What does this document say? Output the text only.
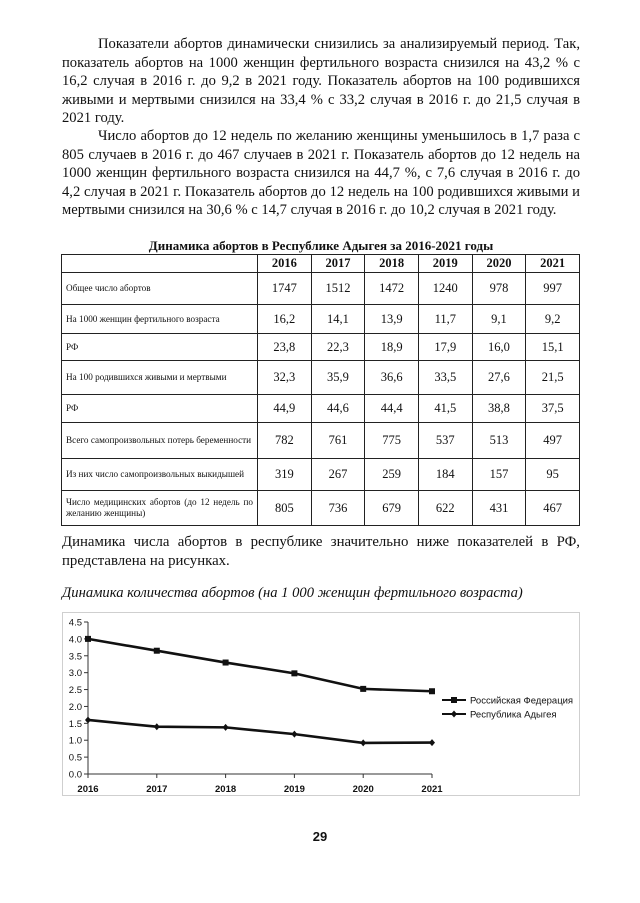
Показатели абортов динамически снизились за анализируемый период. Так, показатель абортов на 1000 женщин фертильного возраста снизился на 43,2 % с 16,2 случая в 2016 г. до 9,2 в 2021 году. Показатель абортов на 100 родившихся живыми и мертвыми снизился на 33,4 % с 33,2 случая в 2016 г. до 21,5 случая в 2021 году.

Число абортов до 12 недель по желанию женщины уменьшилось в 1,7 раза с 805 случаев в 2016 г. до 467 случаев в 2021 г. Показатель абортов до 12 недель на 1000 женщин фертильного возраста снизился на 44,7 %, с 7,6 случая в 2016 г. до 4,2 случая в 2021 г. Показатель абортов до 12 недель на 100 родившихся живыми и мертвыми снизился на 30,6 % с 14,7 случая в 2016 г. до 10,2 случая в 2021 году.

Динамика абортов в Республике Адыгея за 2016-2021 годы
	2016	2017	2018	2019	2020	2021
Общее число абортов	1747	1512	1472	1240	978	997
На 1000 женщин фертильного возраста	16,2	14,1	13,9	11,7	9,1	9,2
РФ	23,8	22,3	18,9	17,9	16,0	15,1
На 100 родившихся живыми и мертвыми	32,3	35,9	36,6	33,5	27,6	21,5
РФ	44,9	44,6	44,4	41,5	38,8	37,5
Всего самопроизвольных потерь беременности	782	761	775	537	513	497
Из них число самопроизвольных выкидышей	319	267	259	184	157	95
Число медицинских абортов (до 12 недель по желанию женщины)	805	736	679	622	431	467

Динамика числа абортов в республике значительно ниже показателей в РФ, представлена на рисунках.

Динамика количества абортов (на 1 000 женщин фертильного возраста)
0.0
0.5
1.0
1.5
2.0
2.5
3.0
3.5
4.0
4.5
2016	2017	2018	2019	2020	2021
Российская Федерация
Республика Адыгея
29
